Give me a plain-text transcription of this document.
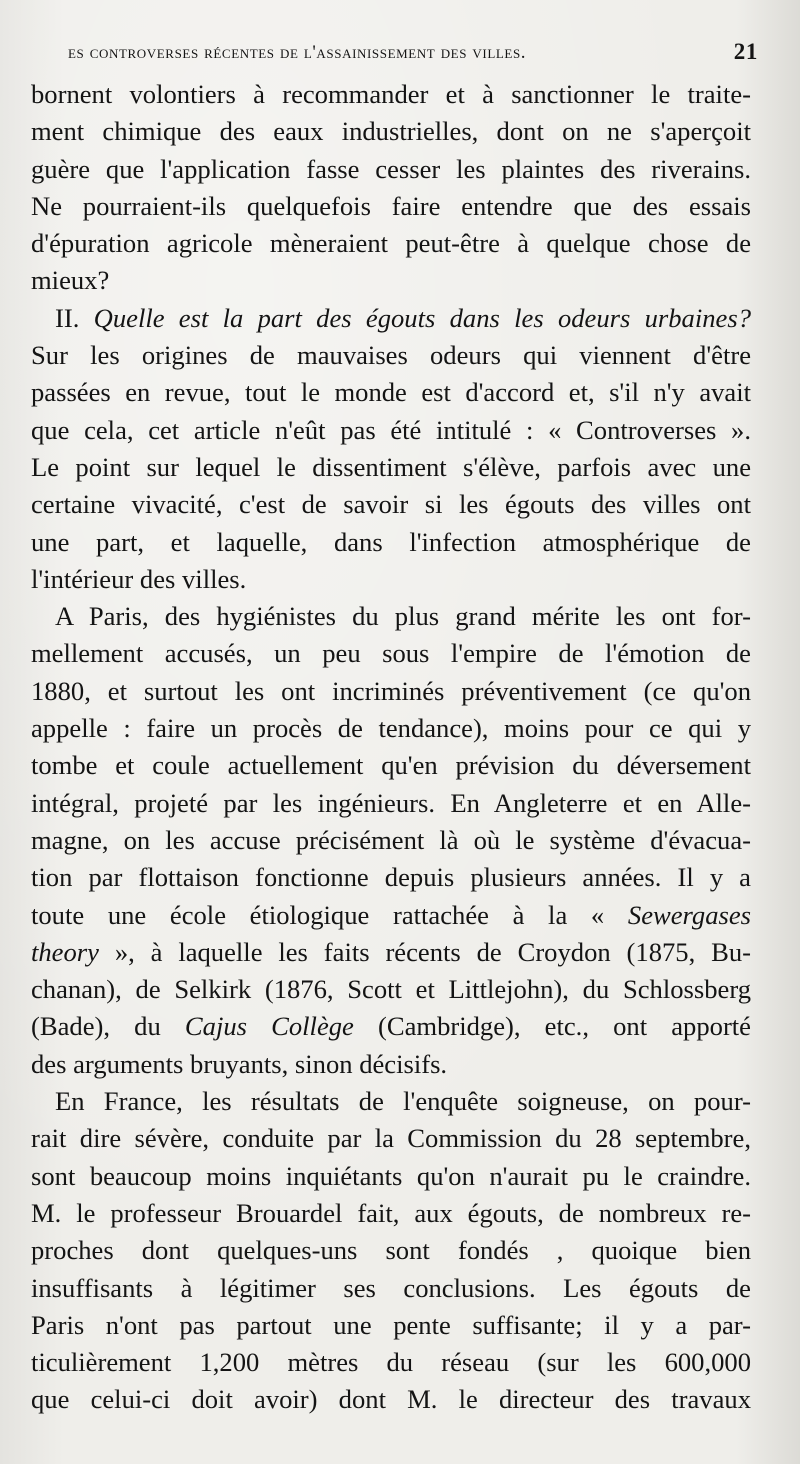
es controverses récentes de l'assainissement des villes.	21
bornent volontiers à recommander et à sanctionner le traite-
ment chimique des eaux industrielles, dont on ne s'aperçoit
guère que l'application fasse cesser les plaintes des riverains.
Ne pourraient-ils quelquefois faire entendre que des essais
d'épuration agricole mèneraient peut-être à quelque chose de
mieux?
II. Quelle est la part des égouts dans les odeurs urbaines?
Sur les origines de mauvaises odeurs qui viennent d'être
passées en revue, tout le monde est d'accord et, s'il n'y avait
que cela, cet article n'eût pas été intitulé : « Controverses ».
Le point sur lequel le dissentiment s'élève, parfois avec une
certaine vivacité, c'est de savoir si les égouts des villes ont
une part, et laquelle, dans l'infection atmosphérique de
l'intérieur des villes.
A Paris, des hygiénistes du plus grand mérite les ont for-
mellement accusés, un peu sous l'empire de l'émotion de
1880, et surtout les ont incriminés préventivement (ce qu'on
appelle : faire un procès de tendance), moins pour ce qui y
tombe et coule actuellement qu'en prévision du déversement
intégral, projeté par les ingénieurs. En Angleterre et en Alle-
magne, on les accuse précisément là où le système d'évacua-
tion par flottaison fonctionne depuis plusieurs années. Il y a
toute une école étiologique rattachée à la « Sewergases
theory », à laquelle les faits récents de Croydon (1875, Bu-
chanan), de Selkirk (1876, Scott et Littlejohn), du Schlossberg
(Bade), du Cajus Collège (Cambridge), etc., ont apporté
des arguments bruyants, sinon décisifs.
En France, les résultats de l'enquête soigneuse, on pour-
rait dire sévère, conduite par la Commission du 28 septembre,
sont beaucoup moins inquiétants qu'on n'aurait pu le craindre.
M. le professeur Brouardel fait, aux égouts, de nombreux re-
proches dont quelques-uns sont fondés , quoique bien
insuffisants à légitimer ses conclusions. Les égouts de
Paris n'ont pas partout une pente suffisante; il y a par-
ticulièrement 1,200 mètres du réseau (sur les 600,000
que celui-ci doit avoir) dont M. le directeur des travaux
